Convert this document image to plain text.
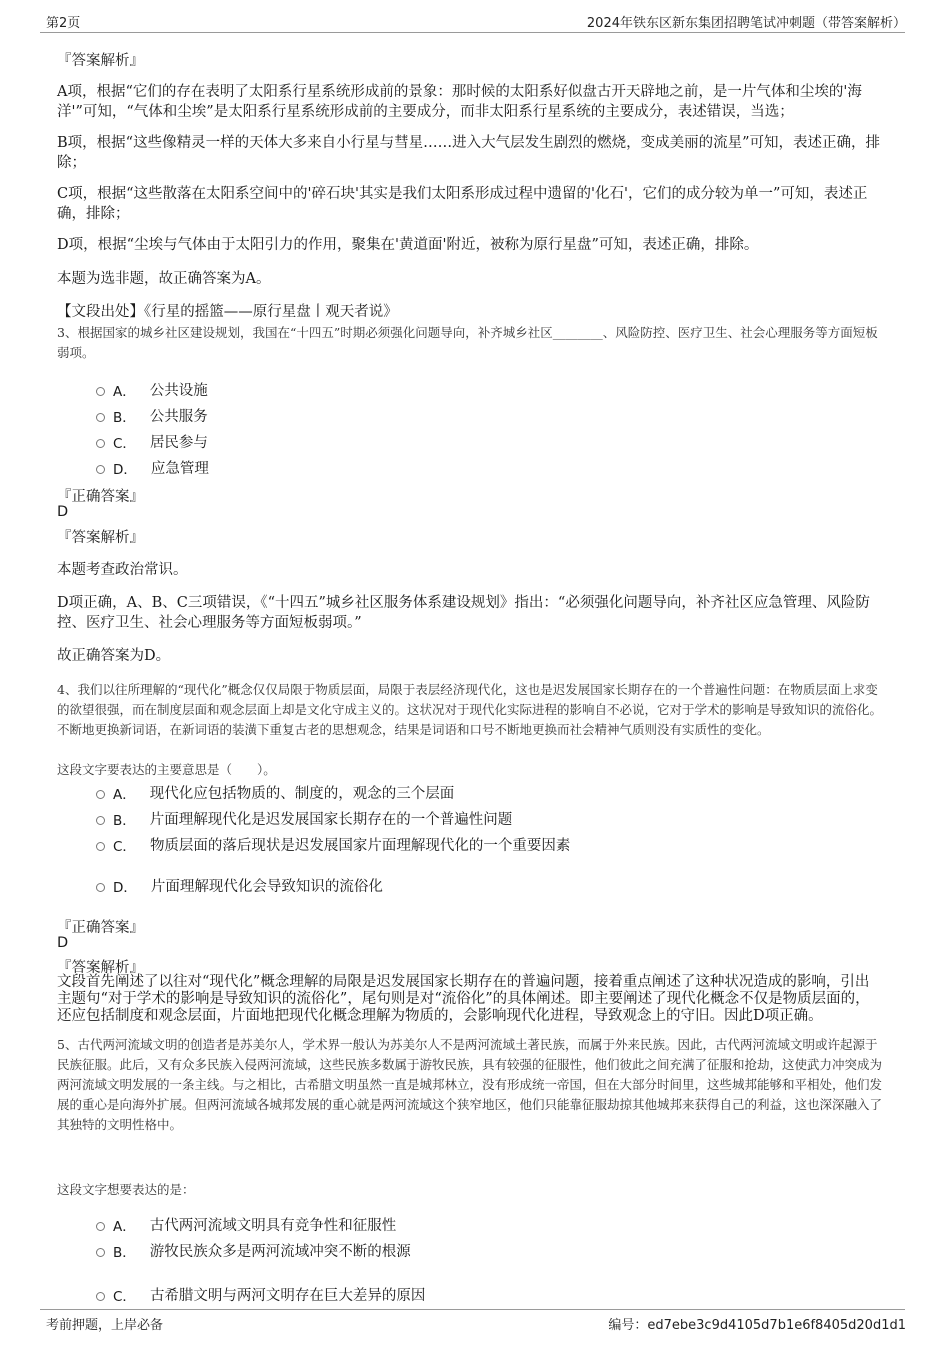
第2页	2024年铁东区新东集团招聘笔试冲刺题（带答案解析）
『答案解析』
A项，根据“它们的存在表明了太阳系行星系统形成前的景象：那时候的太阳系好似盘古开天辟地之前，是一片气体和尘埃的'海洋'”可知，“气体和尘埃”是太阳系行星系统形成前的主要成分，而非太阳系行星系统的主要成分，表述错误，当选；
B项，根据“这些像精灵一样的天体大多来自小行星与彗星……进入大气层发生剧烈的燃烧，变成美丽的流星”可知，表述正确，排除；
C项，根据“这些散落在太阳系空间中的'碎石块'其实是我们太阳系形成过程中遗留的'化石'，它们的成分较为单一”可知，表述正确，排除；
D项，根据“尘埃与气体由于太阳引力的作用，聚集在'黄道面'附近，被称为原行星盘”可知，表述正确，排除。
本题为选非题，故正确答案为A。
【文段出处】《行星的摇篮——原行星盘丨观天者说》
3、根据国家的城乡社区建设规划，我国在“十四五”时期必须强化问题导向，补齐城乡社区________、风险防控、医疗卫生、社会心理服务等方面短板弱项。
A． 公共设施
B． 公共服务
C． 居民参与
D． 应急管理
『正确答案』
D
『答案解析』
本题考查政治常识。
D项正确，A、B、C三项错误，《“十四五”城乡社区服务体系建设规划》指出：“必须强化问题导向，补齐社区应急管理、风险防控、医疗卫生、社会心理服务等方面短板弱项。”
故正确答案为D。
4、我们以往所理解的“现代化”概念仅仅局限于物质层面，局限于表层经济现代化，这也是迟发展国家长期存在的一个普遍性问题：在物质层面上求变的欲望很强，而在制度层面和观念层面上却是文化守成主义的。这状况对于现代化实际进程的影响自不必说，它对于学术的影响是导致知识的流俗化。不断地更换新词语，在新词语的装潢下重复古老的思想观念，结果是词语和口号不断地更换而社会精神气质则没有实质性的变化。
这段文字要表达的主要意思是（　　）。
A． 现代化应包括物质的、制度的，观念的三个层面
B． 片面理解现代化是迟发展国家长期存在的一个普遍性问题
C． 物质层面的落后现状是迟发展国家片面理解现代化的一个重要因素
D． 片面理解现代化会导致知识的流俗化
『正确答案』
D
『答案解析』
文段首先阐述了以往对“现代化”概念理解的局限是迟发展国家长期存在的普遍问题，接着重点阐述了这种状况造成的影响，引出主题句“对于学术的影响是导致知识的流俗化”，尾句则是对“流俗化”的具体阐述。即主要阐述了现代化概念不仅是物质层面的，还应包括制度和观念层面，片面地把现代化概念理解为物质的，会影响现代化进程，导致观念上的守旧。因此D项正确。
5、古代两河流域文明的创造者是苏美尔人，学术界一般认为苏美尔人不是两河流域土著民族，而属于外来民族。因此，古代两河流域文明或许起源于民族征服。此后，又有众多民族入侵两河流域，这些民族多数属于游牧民族，具有较强的征服性，他们彼此之间充满了征服和抢劫，这使武力冲突成为两河流域文明发展的一条主线。与之相比，古希腊文明虽然一直是城邦林立，没有形成统一帝国，但在大部分时间里，这些城邦能够和平相处，他们发展的重心是向海外扩展。但两河流域各城邦发展的重心就是两河流域这个狭窄地区，他们只能靠征服劫掠其他城邦来获得自己的利益，这也深深融入了其独特的文明性格中。
这段文字想要表达的是：
A． 古代两河流域文明具有竞争性和征服性
B． 游牧民族众多是两河流域冲突不断的根源
C． 古希腊文明与两河文明存在巨大差异的原因
考前押题，上岸必备	编号：ed7ebe3c9d4105d7b1e6f8405d20d1d1
